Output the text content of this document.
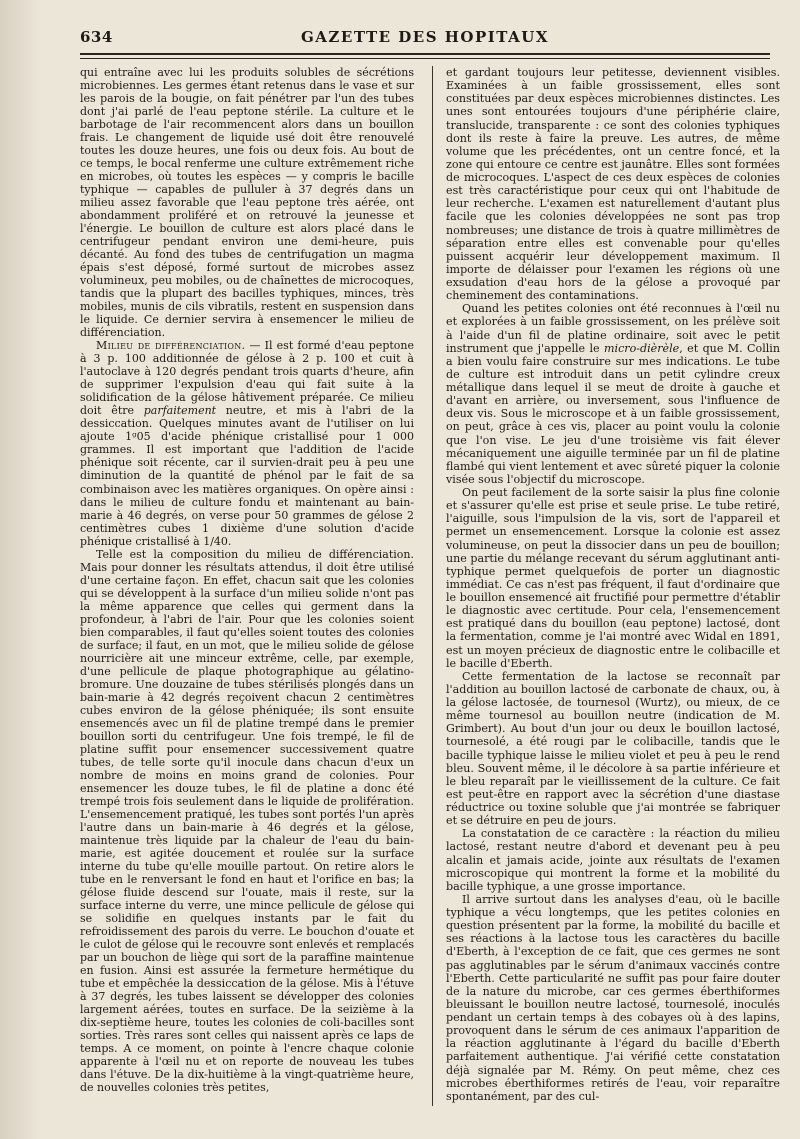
634	GAZETTE DES HOPITAUX

qui entraîne avec lui les produits solubles de sécrétions microbiennes. Les germes étant retenus dans le vase et sur les parois de la bougie, on fait pénétrer par l'un des tubes dont j'ai parlé de l'eau peptone stérile. La culture et le barbotage de l'air recommencent alors dans un bouillon frais. Le changement de liquide usé doit être renouvelé toutes les douze heures, une fois ou deux fois. Au bout de ce temps, le bocal renferme une culture extrêmement riche en microbes, où toutes les espèces — y compris le bacille typhique — capables de pulluler à 37 degrés dans un milieu assez favorable que l'eau peptone très aérée, ont abondamment proliféré et on retrouvé la jeunesse et l'énergie. Le bouillon de culture est alors placé dans le centrifugeur pendant environ une demi-heure, puis décanté. Au fond des tubes de centrifugation un magma épais s'est déposé, formé surtout de microbes assez volumineux, peu mobiles, ou de chaînettes de microcoques, tandis que la plupart des bacilles typhiques, minces, très mobiles, munis de cils vibratils, restent en suspension dans le liquide. Ce dernier servira à ensemencer le milieu de différenciation.

Milieu de différenciation. — Il est formé d'eau peptone à 3 p. 100 additionnée de gélose à 2 p. 100 et cuit à l'autoclave à 120 degrés pendant trois quarts d'heure, afin de supprimer l'expulsion d'eau qui fait suite à la solidification de la gélose hâtivement préparée. Ce milieu doit être parfaitement neutre, et mis à l'abri de la dessiccation. Quelques minutes avant de l'utiliser on lui ajoute 1ᵍ05 d'acide phénique cristallisé pour 1 000 grammes. Il est important que l'addition de l'acide phénique soit récente, car il survien-drait peu à peu une diminution de la quantité de phénol par le fait de sa combinaison avec les matières organiques. On opère ainsi : dans le milieu de culture fondu et maintenant au bain-marie à 46 degrés, on verse pour 50 grammes de gélose 2 centimètres cubes 1 dixième d'une solution d'acide phénique cristallisé à 1/40.

Telle est la composition du milieu de différenciation. Mais pour donner les résultats attendus, il doit être utilisé d'une certaine façon. En effet, chacun sait que les colonies qui se développent à la surface d'un milieu solide n'ont pas la même apparence que celles qui germent dans la profondeur, à l'abri de l'air. Pour que les colonies soient bien comparables, il faut qu'elles soient toutes des colonies de surface; il faut, en un mot, que le milieu solide de gélose nourricière ait une minceur extrême, celle, par exemple, d'une pellicule de plaque photographique au gélatino-bromure. Une douzaine de tubes stérilisés plongés dans un bain-marie à 42 degrés reçoivent chacun 2 centimètres cubes environ de la gélose phéniquée; ils sont ensuite ensemencés avec un fil de platine trempé dans le premier bouillon sorti du centrifugeur. Une fois trempé, le fil de platine suffit pour ensemencer successivement quatre tubes, de telle sorte qu'il inocule dans chacun d'eux un nombre de moins en moins grand de colonies. Pour ensemencer les douze tubes, le fil de platine a donc été trempé trois fois seulement dans le liquide de prolifération. L'ensemencement pratiqué, les tubes sont portés l'un après l'autre dans un bain-marie à 46 degrés et la gélose, maintenue très liquide par la chaleur de l'eau du bain-marie, est agitée doucement et roulée sur la surface interne du tube qu'elle mouille partout. On retire alors le tube en le renversant le fond en haut et l'orifice en bas; la gélose fluide descend sur l'ouate, mais il reste, sur la surface interne du verre, une mince pellicule de gélose qui se solidifie en quelques instants par le fait du refroidissement des parois du verre. Le bouchon d'ouate et le culot de gélose qui le recouvre sont enlevés et remplacés par un bouchon de liège qui sort de la paraffine maintenue en fusion. Ainsi est assurée la fermeture hermétique du tube et empêchée la dessiccation de la gélose. Mis à l'étuve à 37 degrés, les tubes laissent se développer des colonies largement aérées, toutes en surface. De la seizième à la dix-septième heure, toutes les colonies de coli-bacilles sont sorties. Très rares sont celles qui naissent après ce laps de temps. A ce moment, on pointe à l'encre chaque colonie apparente à l'œil nu et on reporte de nouveau les tubes dans l'étuve. De la dix-huitième à la vingt-quatrième heure, de nouvelles colonies très petites,

et gardant toujours leur petitesse, deviennent visibles. Examinées à un faible grossissement, elles sont constituées par deux espèces microbiennes distinctes. Les unes sont entourées toujours d'une périphérie claire, translucide, transparente : ce sont des colonies typhiques dont ils reste à faire la preuve. Les autres, de même volume que les précédentes, ont un centre foncé, et la zone qui entoure ce centre est jaunâtre. Elles sont formées de microcoques. L'aspect de ces deux espèces de colonies est très caractéristique pour ceux qui ont l'habitude de leur recherche. L'examen est naturellement d'autant plus facile que les colonies développées ne sont pas trop nombreuses; une distance de trois à quatre millimètres de séparation entre elles est convenable pour qu'elles puissent acquérir leur développement maximum. Il importe de délaisser pour l'examen les régions où une exsudation d'eau hors de la gélose a provoqué par cheminement des contaminations.

Quand les petites colonies ont été reconnues à l'œil nu et explorées à un faible grossissement, on les prélève soit à l'aide d'un fil de platine ordinaire, soit avec le petit instrument que j'appelle le micro-dièrèle, et que M. Collin a bien voulu faire construire sur mes indications. Le tube de culture est introduit dans un petit cylindre creux métallique dans lequel il se meut de droite à gauche et d'avant en arrière, ou inversement, sous l'influence de deux vis. Sous le microscope et à un faible grossissement, on peut, grâce à ces vis, placer au point voulu la colonie que l'on vise. Le jeu d'une troisième vis fait élever mécaniquement une aiguille terminée par un fil de platine flambé qui vient lentement et avec sûreté piquer la colonie visée sous l'objectif du microscope.

On peut facilement de la sorte saisir la plus fine colonie et s'assurer qu'elle est prise et seule prise. Le tube retiré, l'aiguille, sous l'impulsion de la vis, sort de l'appareil et permet un ensemencement. Lorsque la colonie est assez volumineuse, on peut la dissocier dans un peu de bouillon; une partie du mélange recevant du sérum agglutinant anti-typhique permet quelquefois de porter un diagnostic immédiat. Ce cas n'est pas fréquent, il faut d'ordinaire que le bouillon ensemencé ait fructifié pour permettre d'établir le diagnostic avec certitude. Pour cela, l'ensemencement est pratiqué dans du bouillon (eau peptone) lactosé, dont la fermentation, comme je l'ai montré avec Widal en 1891, est un moyen précieux de diagnostic entre le colibacille et le bacille d'Eberth.

Cette fermentation de la lactose se reconnaît par l'addition au bouillon lactosé de carbonate de chaux, ou, à la gélose lactosée, de tournesol (Wurtz), ou mieux, de ce même tournesol au bouillon neutre (indication de M. Grimbert). Au bout d'un jour ou deux le bouillon lactosé, tournesolé, a été rougi par le colibacille, tandis que le bacille typhique laisse le milieu violet et peu à peu le rend bleu. Souvent même, il le décolore à sa partie inférieure et le bleu reparaît par le vieillissement de la culture. Ce fait est peut-être en rapport avec la sécrétion d'une diastase réductrice ou toxine soluble que j'ai montrée se fabriquer et se détruire en peu de jours.

La constatation de ce caractère : la réaction du milieu lactosé, restant neutre d'abord et devenant peu à peu alcalin et jamais acide, jointe aux résultats de l'examen microscopique qui montrent la forme et la mobilité du bacille typhique, a une grosse importance.

Il arrive surtout dans les analyses d'eau, où le bacille typhique a vécu longtemps, que les petites colonies en question présentent par la forme, la mobilité du bacille et ses réactions à la lactose tous les caractères du bacille d'Eberth, à l'exception de ce fait, que ces germes ne sont pas agglutinables par le sérum d'animaux vaccinés contre l'Eberth. Cette particularité ne suffit pas pour faire douter de la nature du microbe, car ces germes éberthiformes bleuissant le bouillon neutre lactosé, tournesolé, inoculés pendant un certain temps à des cobayes où à des lapins, provoquent dans le sérum de ces animaux l'apparition de la réaction agglutinante à l'égard du bacille d'Eberth parfaitement authentique. J'ai vérifié cette constatation déjà signalée par M. Rémy. On peut même, chez ces microbes éberthiformes retirés de l'eau, voir reparaître spontanément, par des cul-
